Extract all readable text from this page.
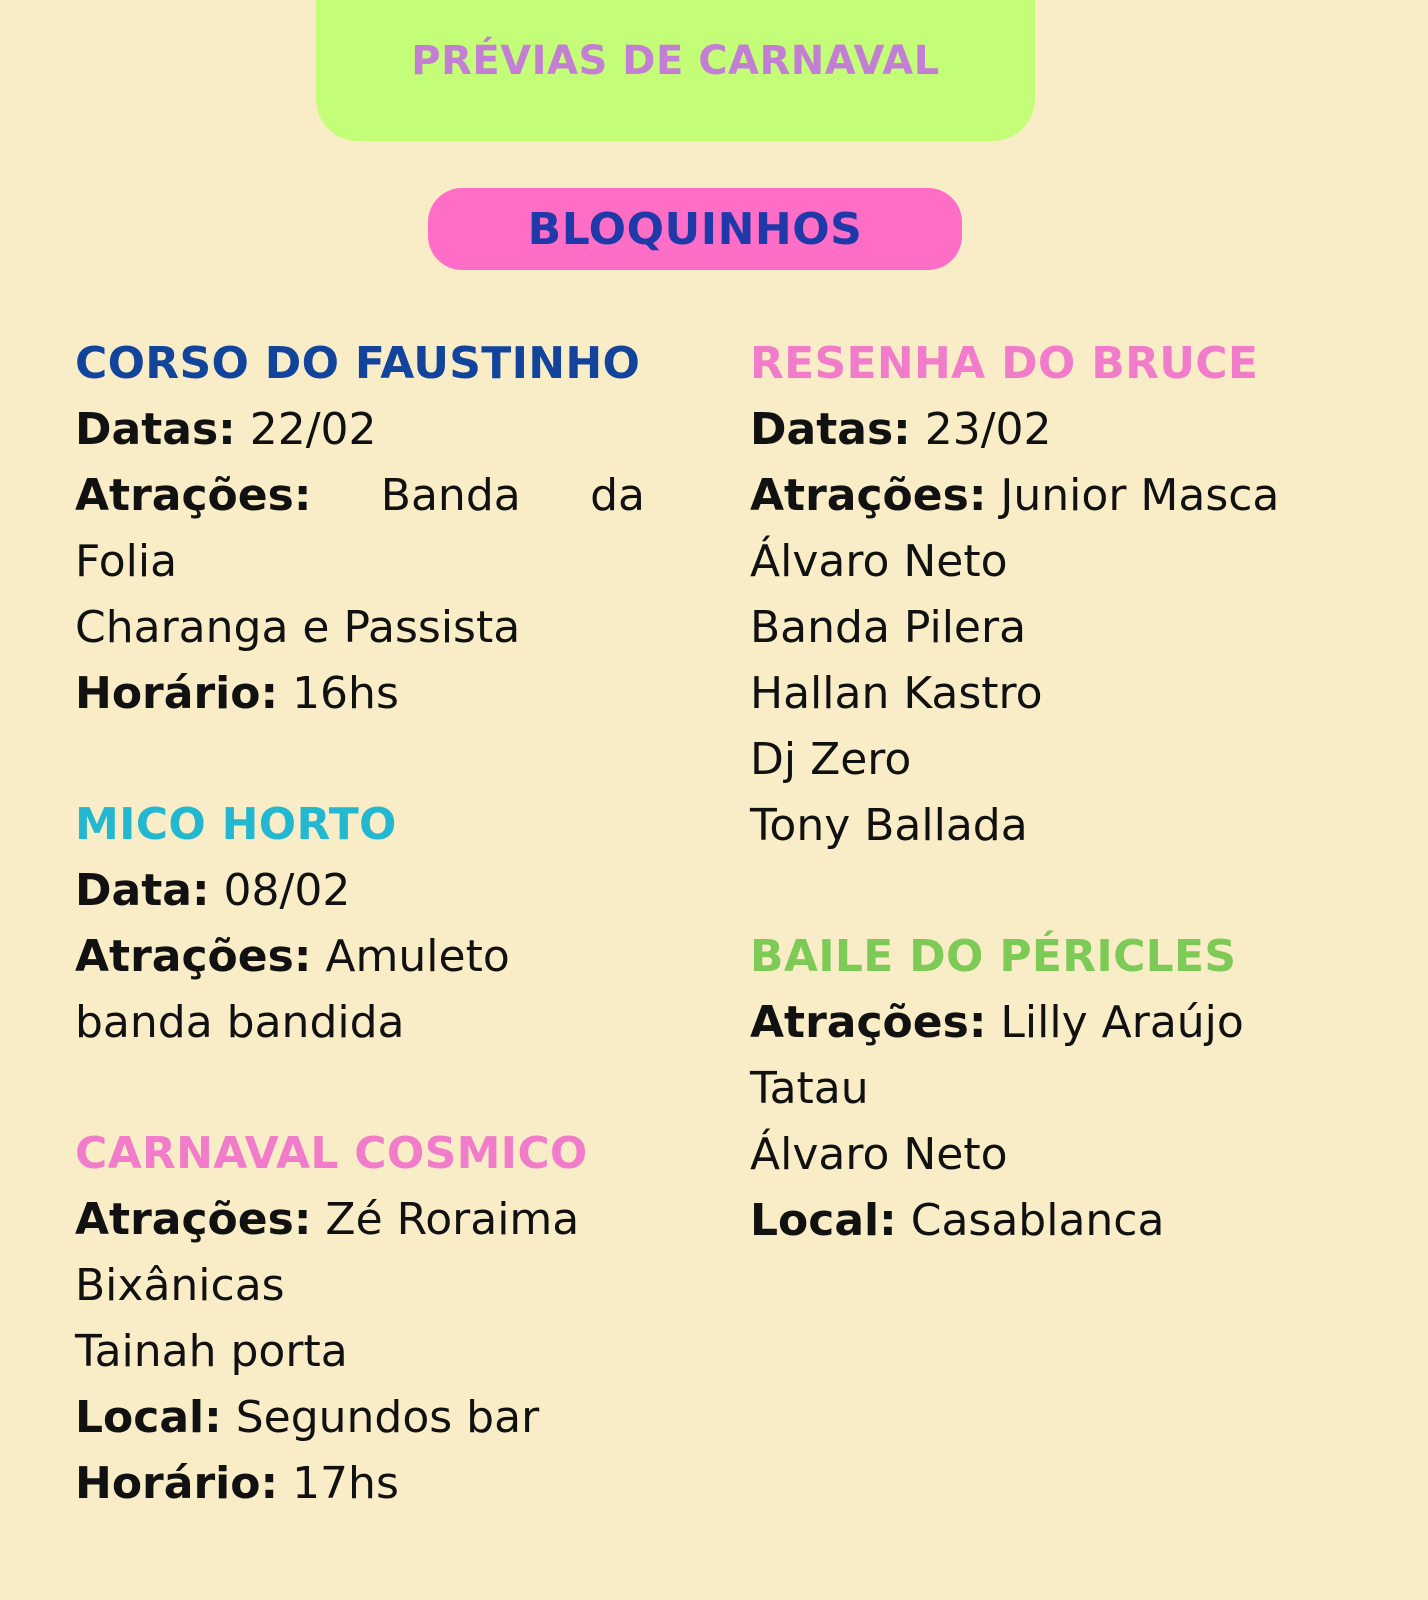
PRÉVIAS DE CARNAVAL
BLOQUINHOS
CORSO DO FAUSTINHO
Datas: 22/02
Atrações: Banda da
Folia
Charanga e Passista
Horário: 16hs
MICO HORTO
Data: 08/02
Atrações: Amuleto
banda bandida
CARNAVAL COSMICO
Atrações: Zé Roraima
Bixânicas
Tainah porta
Local: Segundos bar
Horário: 17hs
RESENHA DO BRUCE
Datas: 23/02
Atrações: Junior Masca
Álvaro Neto
Banda Pilera
Hallan Kastro
Dj Zero
Tony Ballada
BAILE DO PÉRICLES
Atrações: Lilly Araújo
Tatau
Álvaro Neto
Local: Casablanca
